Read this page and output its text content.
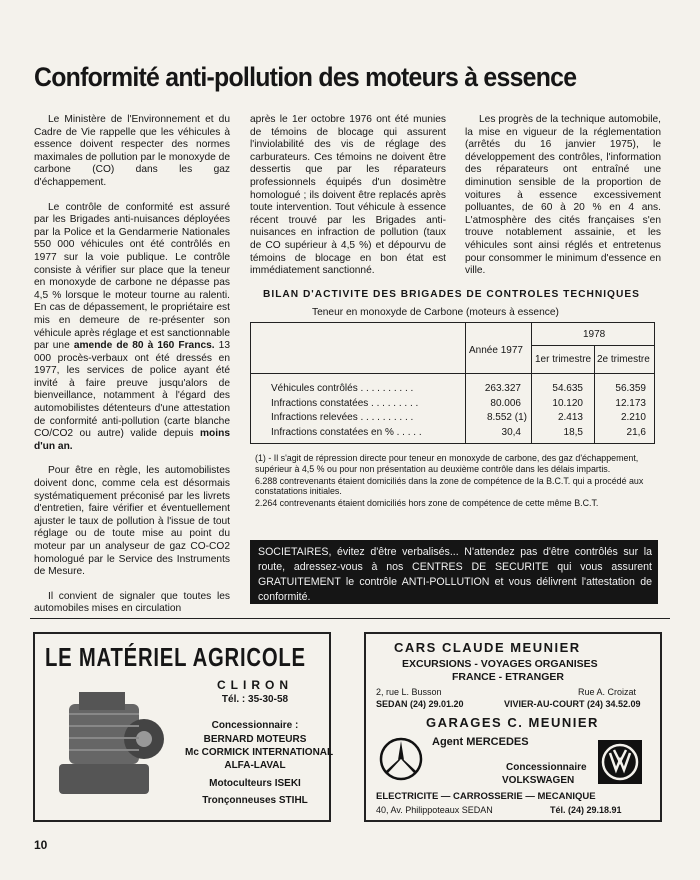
Conformité anti-pollution des moteurs à essence

Le Ministère de l'Environnement et du Cadre de Vie rappelle que les véhicules à essence doivent respecter des normes maximales de pollution par le monoxyde de carbone (CO) dans les gaz d'échappement.

Le contrôle de conformité est assuré par les Brigades anti-nuisances déployées par la Police et la Gendarmerie Nationales 550 000 véhicules ont été contrôlés en 1977 sur la voie publique. Le contrôle consiste à vérifier sur place que la teneur en monoxyde de carbone ne dépasse pas 4,5 % lorsque le moteur tourne au ralenti. En cas de dépassement, le propriétaire est mis en demeure de re-présenter son véhicule après réglage et est sanctionnable par une amende de 80 à 160 Francs. 13 000 procès-verbaux ont été dressés en 1977, les services de police ayant été invité à faire preuve jusqu'alors de bienveillance, notamment à l'égard des automobilistes détenteurs d'une attestation de conformité anti-pollution (carte blanche CO/CO2 ou autre) valide depuis moins d'un an.

Pour être en règle, les automobilistes doivent donc, comme cela est désormais systématiquement préconisé par les livrets d'entretien, faire vérifier et éventuellement ajuster le taux de pollution à l'issue de tout réglage ou de toute mise au point du moteur par un analyseur de gaz CO-CO2 homologué par le Service des Instruments de Mesure.

Il convient de signaler que toutes les automobiles mises en circulation

après le 1er octobre 1976 ont été munies de témoins de blocage qui assurent l'inviolabilité des vis de réglage des carburateurs. Ces témoins ne doivent être dessertis que par les réparateurs professionnels équipés d'un dosimètre homologué ; ils doivent être replacés après toute intervention. Tout véhicule à essence récent trouvé par les Brigades anti- nuisances en infraction de pollution (taux de CO supérieur à 4,5 %) et dépourvu de témoins de blocage en bon état est immédiatement sanctionné.

Les progrès de la technique automobile, la mise en vigueur de la réglementation (arrêtés du 16 janvier 1975), le développement des contrôles, l'information des réparateurs ont entraîné une diminution sensible de la proportion de voitures à essence excessivement polluantes, de 60 à 20 % en 4 ans. L'atmosphère des cités françaises s'en trouve notablement assainie, et les véhicules sont ainsi réglés et entretenus pour consommer le minimum d'essence en ville.

BILAN D'ACTIVITE DES BRIGADES DE CONTROLES TECHNIQUES
Teneur en monoxyde de Carbone (moteurs à essence)
Année 1977
1978
1er trimestre 2e trimestre
Véhicules contrôlés . . . . . . . . . .	263.327	54.635	56.359
Infractions constatées . . . . . . . . .	80.006	10.120	12.173
Infractions relevées . . . . . . . . . .	8.552 (1)	2.413	2.210
Infractions constatées en % . . . . .	30,4	18,5	21,6
(1) - Il s'agit de répression directe pour teneur en monoxyde de carbone, des gaz d'échappement, supérieur à 4,5 % ou pour non présentation au deuxième contrôle dans les délais impartis.
6.288 contrevenants étaient domiciliés dans la zone de compétence de la B.C.T. qui a procédé aux constatations initiales.
2.264 contrevenants étaient domiciliés hors zone de compétence de cette même B.C.T.
SOCIETAIRES, évitez d'être verbalisés... N'attendez pas d'être contrôlés sur la route, adressez-vous à nos CENTRES DE SECURITE qui vous assurent GRATUITEMENT le contrôle ANTI-POLLUTION et vous délivrent l'attestation de conformité.
LE MATÉRIEL AGRICOLE
CLIRON
Tél. : 35-30-58
Concessionnaire :
BERNARD MOTEURS
Mc CORMICK INTERNATIONAL
ALFA-LAVAL
Motoculteurs ISEKI
Tronçonneuses STIHL
CARS CLAUDE MEUNIER
EXCURSIONS - VOYAGES ORGANISES
FRANCE - ETRANGER
2, rue L. Busson	Rue A. Croizat
SEDAN (24) 29.01.20	VIVIER-AU-COURT (24) 34.52.09
GARAGES C. MEUNIER
Agent MERCEDES
Concessionnaire
VOLKSWAGEN
ELECTRICITE — CARROSSERIE — MECANIQUE
40, Av. Philippoteaux SEDAN	Tél. (24) 29.18.91
10
